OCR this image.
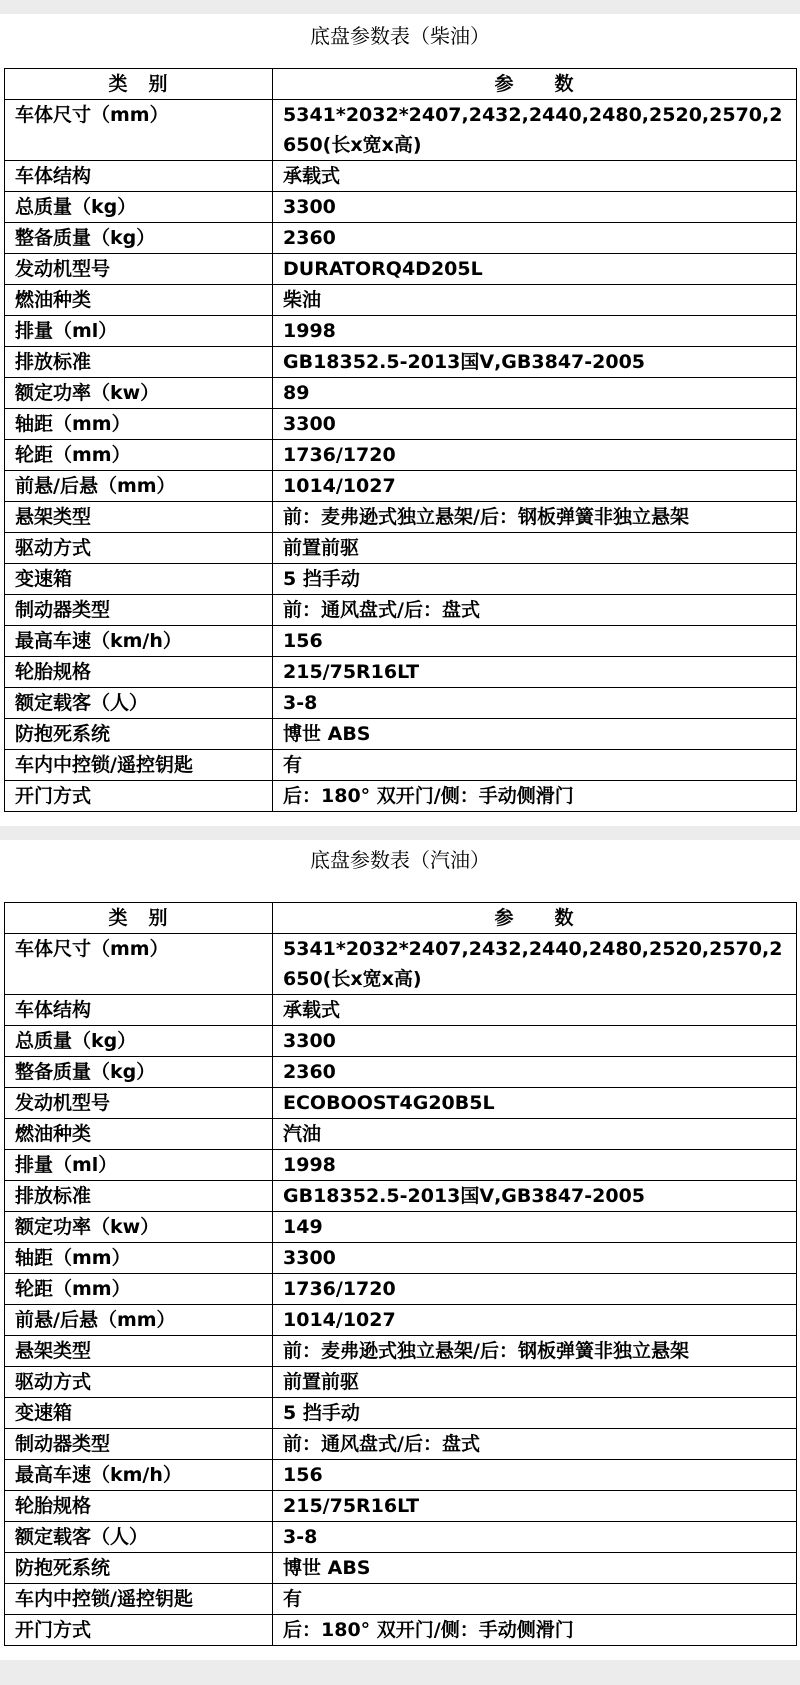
底盘参数表（柴油）
类　别	参　　数
车体尺寸（mm）	5341*2032*2407,2432,2440,2480,2520,2570,2650(长x宽x高)
车体结构	承载式
总质量（kg）	3300
整备质量（kg）	2360
发动机型号	DURATORQ4D205L
燃油种类	柴油
排量（ml）	1998
排放标准	GB18352.5-2013国Ⅴ,GB3847-2005
额定功率（kw）	89
轴距（mm）	3300
轮距（mm）	1736/1720
前悬/后悬（mm）	1014/1027
悬架类型	前：麦弗逊式独立悬架/后：钢板弹簧非独立悬架
驱动方式	前置前驱
变速箱	5 挡手动
制动器类型	前：通风盘式/后：盘式
最高车速（km/h）	156
轮胎规格	215/75R16LT
额定载客（人）	3-8
防抱死系统	博世 ABS
车内中控锁/遥控钥匙	有
开门方式	后：180° 双开门/侧：手动侧滑门
底盘参数表（汽油）
类　别	参　　数
车体尺寸（mm）	5341*2032*2407,2432,2440,2480,2520,2570,2650(长x宽x高)
车体结构	承载式
总质量（kg）	3300
整备质量（kg）	2360
发动机型号	ECOBOOST4G20B5L
燃油种类	汽油
排量（ml）	1998
排放标准	GB18352.5-2013国Ⅴ,GB3847-2005
额定功率（kw）	149
轴距（mm）	3300
轮距（mm）	1736/1720
前悬/后悬（mm）	1014/1027
悬架类型	前：麦弗逊式独立悬架/后：钢板弹簧非独立悬架
驱动方式	前置前驱
变速箱	5 挡手动
制动器类型	前：通风盘式/后：盘式
最高车速（km/h）	156
轮胎规格	215/75R16LT
额定载客（人）	3-8
防抱死系统	博世 ABS
车内中控锁/遥控钥匙	有
开门方式	后：180° 双开门/侧：手动侧滑门
